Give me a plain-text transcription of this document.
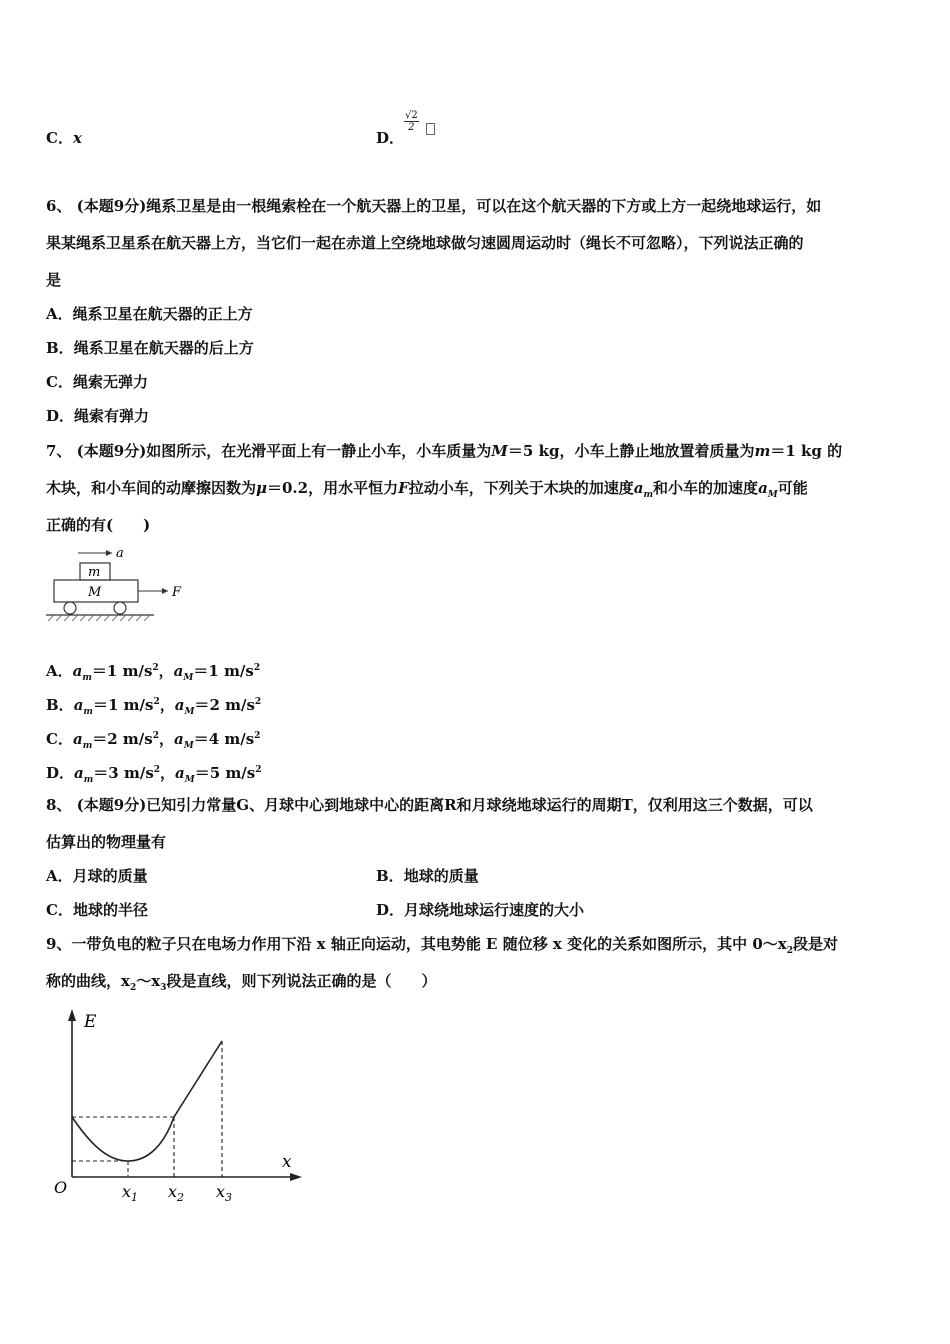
C．x	D．
$\frac{√2}{2}$
6、 (本题9分)绳系卫星是由一根绳索栓在一个航天器上的卫星，可以在这个航天器的下方或上方一起绕地球运行，如
果某绳系卫星系在航天器上方，当它们一起在赤道上空绕地球做匀速圆周运动时（绳长不可忽略），下列说法正确的
是
A．绳系卫星在航天器的正上方
B．绳系卫星在航天器的后上方
C．绳索无弹力
D．绳索有弹力
7、 (本题9分)如图所示，在光滑平面上有一静止小车，小车质量为M＝5 kg，小车上静止地放置着质量为m＝1 kg 的
木块，和小车间的动摩擦因数为μ＝0.2，用水平恒力F拉动小车，下列关于木块的加速度$a_m$和小车的加速度$a_M$可能
正确的有(　　)
a
m
M	F
A．$a_m=1$ $m/s^2$，$a_M=1$ $m/s^2$
B．$a_m=1$ $m/s^2$，$a_M=2$ $m/s^2$
C．$a_m=2$ $m/s^2$，$a_M=4$ $m/s^2$
D．$a_m=3$ $m/s^2$，$a_M=5$ $m/s^2$
8、 (本题9分)已知引力常量G、月球中心到地球中心的距离R和月球绕地球运行的周期T，仅利用这三个数据，可以
估算出的物理量有
A．月球的质量	B．地球的质量
C．地球的半径	D．月球绕地球运行速度的大小
9、一带负电的粒子只在电场力作用下沿 x 轴正向运动，其电势能 E 随位移 x 变化的关系如图所示，其中 $0\sim x_2$段是对
称的曲线，$x_2\sim x_3$段是直线，则下列说法正确的是（　　）
E
x
O	$x_1$ $x_2$ $x_3$
